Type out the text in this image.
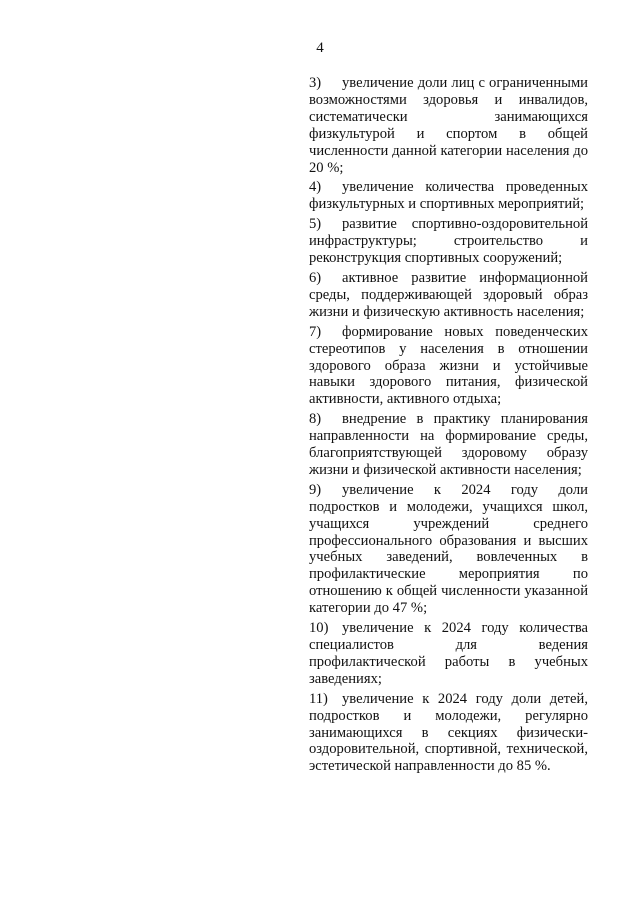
4

3) увеличение доли лиц с ограниченными возможностями здоровья и инвалидов, систематически занимающихся физкультурой и спортом в общей численности данной категории населения до 20 %;

4) увеличение количества проведенных физкультурных и спортивных мероприятий;

5) развитие спортивно-оздоровительной инфраструктуры; строительство и реконструкция спортивных сооружений;

6) активное развитие информационной среды, поддерживающей здоровый образ жизни и физическую активность населения;

7) формирование новых поведенческих стереотипов у населения в отношении здорового образа жизни и устойчивые навыки здорового питания, физической активности, активного отдыха;

8) внедрение в практику планирования направленности на формирование среды, благоприятствующей здоровому образу жизни и физической активности населения;

9) увеличение к 2024 году доли подростков и молодежи, учащихся школ, учащихся учреждений среднего профессионального образования и высших учебных заведений, вовлеченных в профилактические мероприятия по отношению к общей численности указанной категории до 47 %;

10) увеличение к 2024 году количества специалистов для ведения профилактической работы в учебных заведениях;

11) увеличение к 2024 году доли детей, подростков и молодежи, регулярно занимающихся в секциях физически-оздоровительной, спортивной, технической, эстетической направленности до 85 %.
